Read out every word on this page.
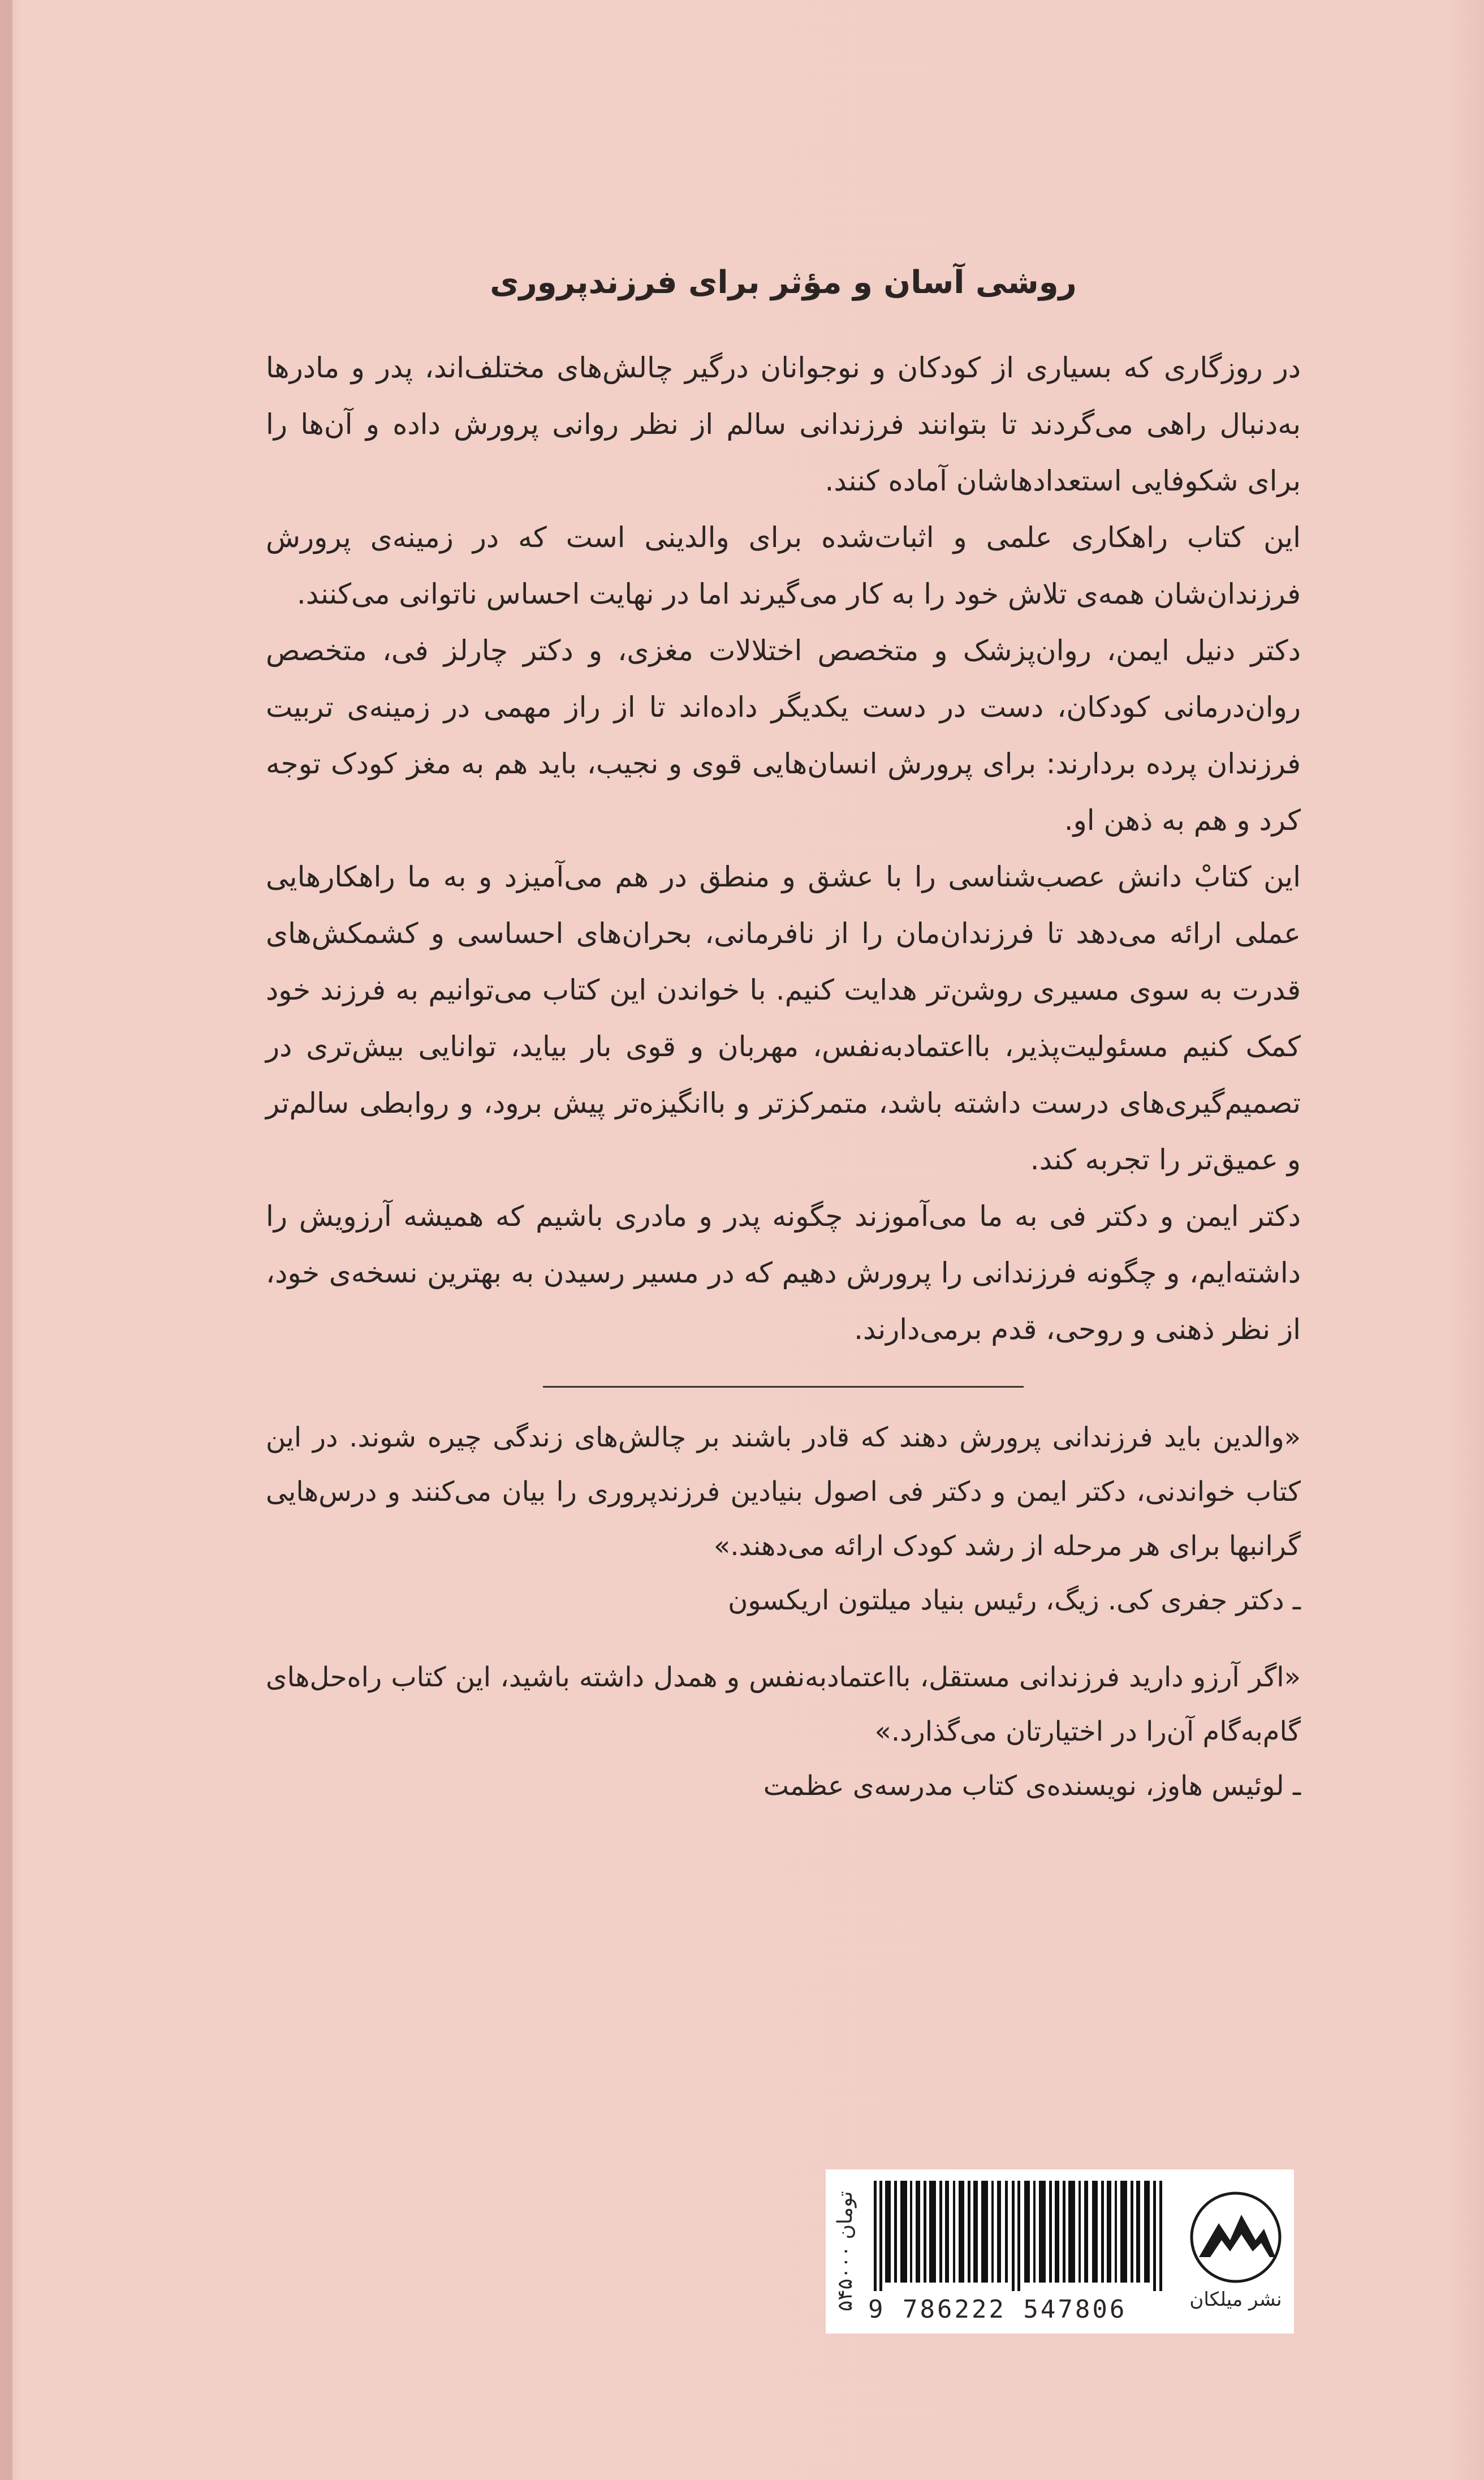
روشی آسان و مؤثر برای فرزندپروری

در روزگاری که بسیاری از کودکان و نوجوانان درگیر چالش‌های مختلف‌اند، پدر و مادرها به‌دنبال راهی می‌گردند تا بتوانند فرزندانی سالم از نظر روانی پرورش داده و آن‌ها را برای شکوفایی استعدادهاشان آماده کنند.

این کتاب راهکاری علمی و اثبات‌شده برای والدینی است که در زمینه‌ی پرورش فرزندان‌شان همه‌ی تلاش خود را به کار می‌گیرند اما در نهایت احساس ناتوانی می‌کنند.

دکتر دنیل ایمن، روان‌پزشک و متخصص اختلالات مغزی، و دکتر چارلز فی، متخصص روان‌درمانی کودکان، دست در دست یکدیگر داده‌اند تا از راز مهمی در زمینه‌ی تربیت فرزندان پرده بردارند: برای پرورش انسان‌هایی قوی و نجیب، باید هم به مغز کودک توجه کرد و هم به ذهن او.

این کتابْ دانش عصب‌شناسی را با عشق و منطق در هم می‌آمیزد و به ما راهکارهایی عملی ارائه می‌دهد تا فرزندان‌مان را از نافرمانی، بحران‌های احساسی و کشمکش‌های قدرت به سوی مسیری روشن‌تر هدایت کنیم. با خواندن این کتاب می‌توانیم به فرزند خود کمک کنیم مسئولیت‌پذیر، بااعتمادبه‌نفس، مهربان و قوی بار بیاید، توانایی بیش‌تری در تصمیم‌گیری‌های درست داشته باشد، متمرکزتر و باانگیزه‌تر پیش برود، و روابطی سالم‌تر و عمیق‌تر را تجربه کند.

دکتر ایمن و دکتر فی به ما می‌آموزند چگونه پدر و مادری باشیم که همیشه آرزویش را داشته‌ایم، و چگونه فرزندانی را پرورش دهیم که در مسیر رسیدن به بهترین نسخه‌ی خود، از نظر ذهنی و روحی، قدم برمی‌دارند.

«والدین باید فرزندانی پرورش دهند که قادر باشند بر چالش‌های زندگی چیره شوند. در این کتاب خواندنی، دکتر ایمن و دکتر فی اصول بنیادین فرزندپروری را بیان می‌کنند و درس‌هایی گرانبها برای هر مرحله از رشد کودک ارائه می‌دهند.»

ـ دکتر جفری کی. زیگ، رئیس بنیاد میلتون اریکسون

«اگر آرزو دارید فرزندانی مستقل، بااعتمادبه‌نفس و همدل داشته باشید، این کتاب راه‌حل‌های گام‌به‌گام آن‌را در اختیارتان می‌گذارد.»

ـ لوئیس هاوز، نویسنده‌ی کتاب مدرسه‌ی عظمت

۵۴۵۰۰۰ تومان
9 786222 547806	نشر میلکان
